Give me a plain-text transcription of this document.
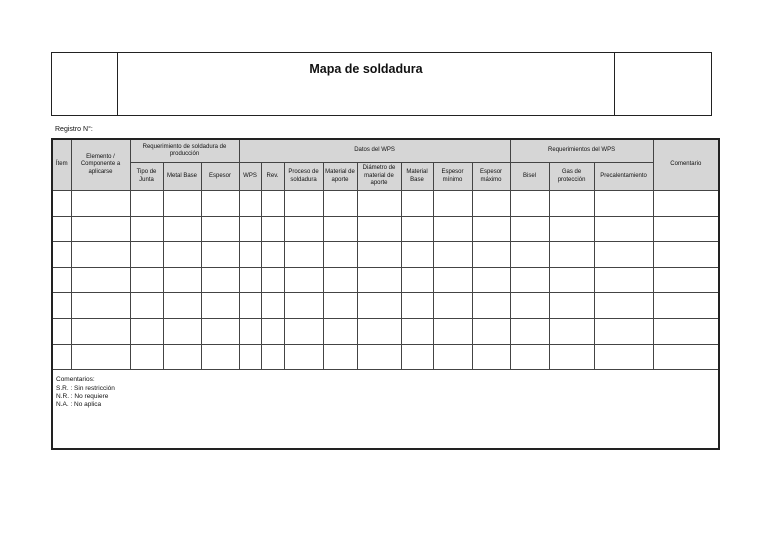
Mapa de soldadura
Registro N°:
Ítem	Elemento / Componente a aplicarse	Requerimiento de soldadura de producción			Datos del WPS								Requerimientos del WPS			Comentario
		Tipo de Junta	Metal Base	Espesor	WPS	Rev.	Proceso de soldadura	Material de aporte	Diámetro de material de aporte	Material Base	Espesor mínimo	Espesor máximo	Bisel	Gas de protección	Precalentamiento	

Comentarios:
S.R. : Sin restricción
N.R. : No requiere
N.A. : No aplica																
